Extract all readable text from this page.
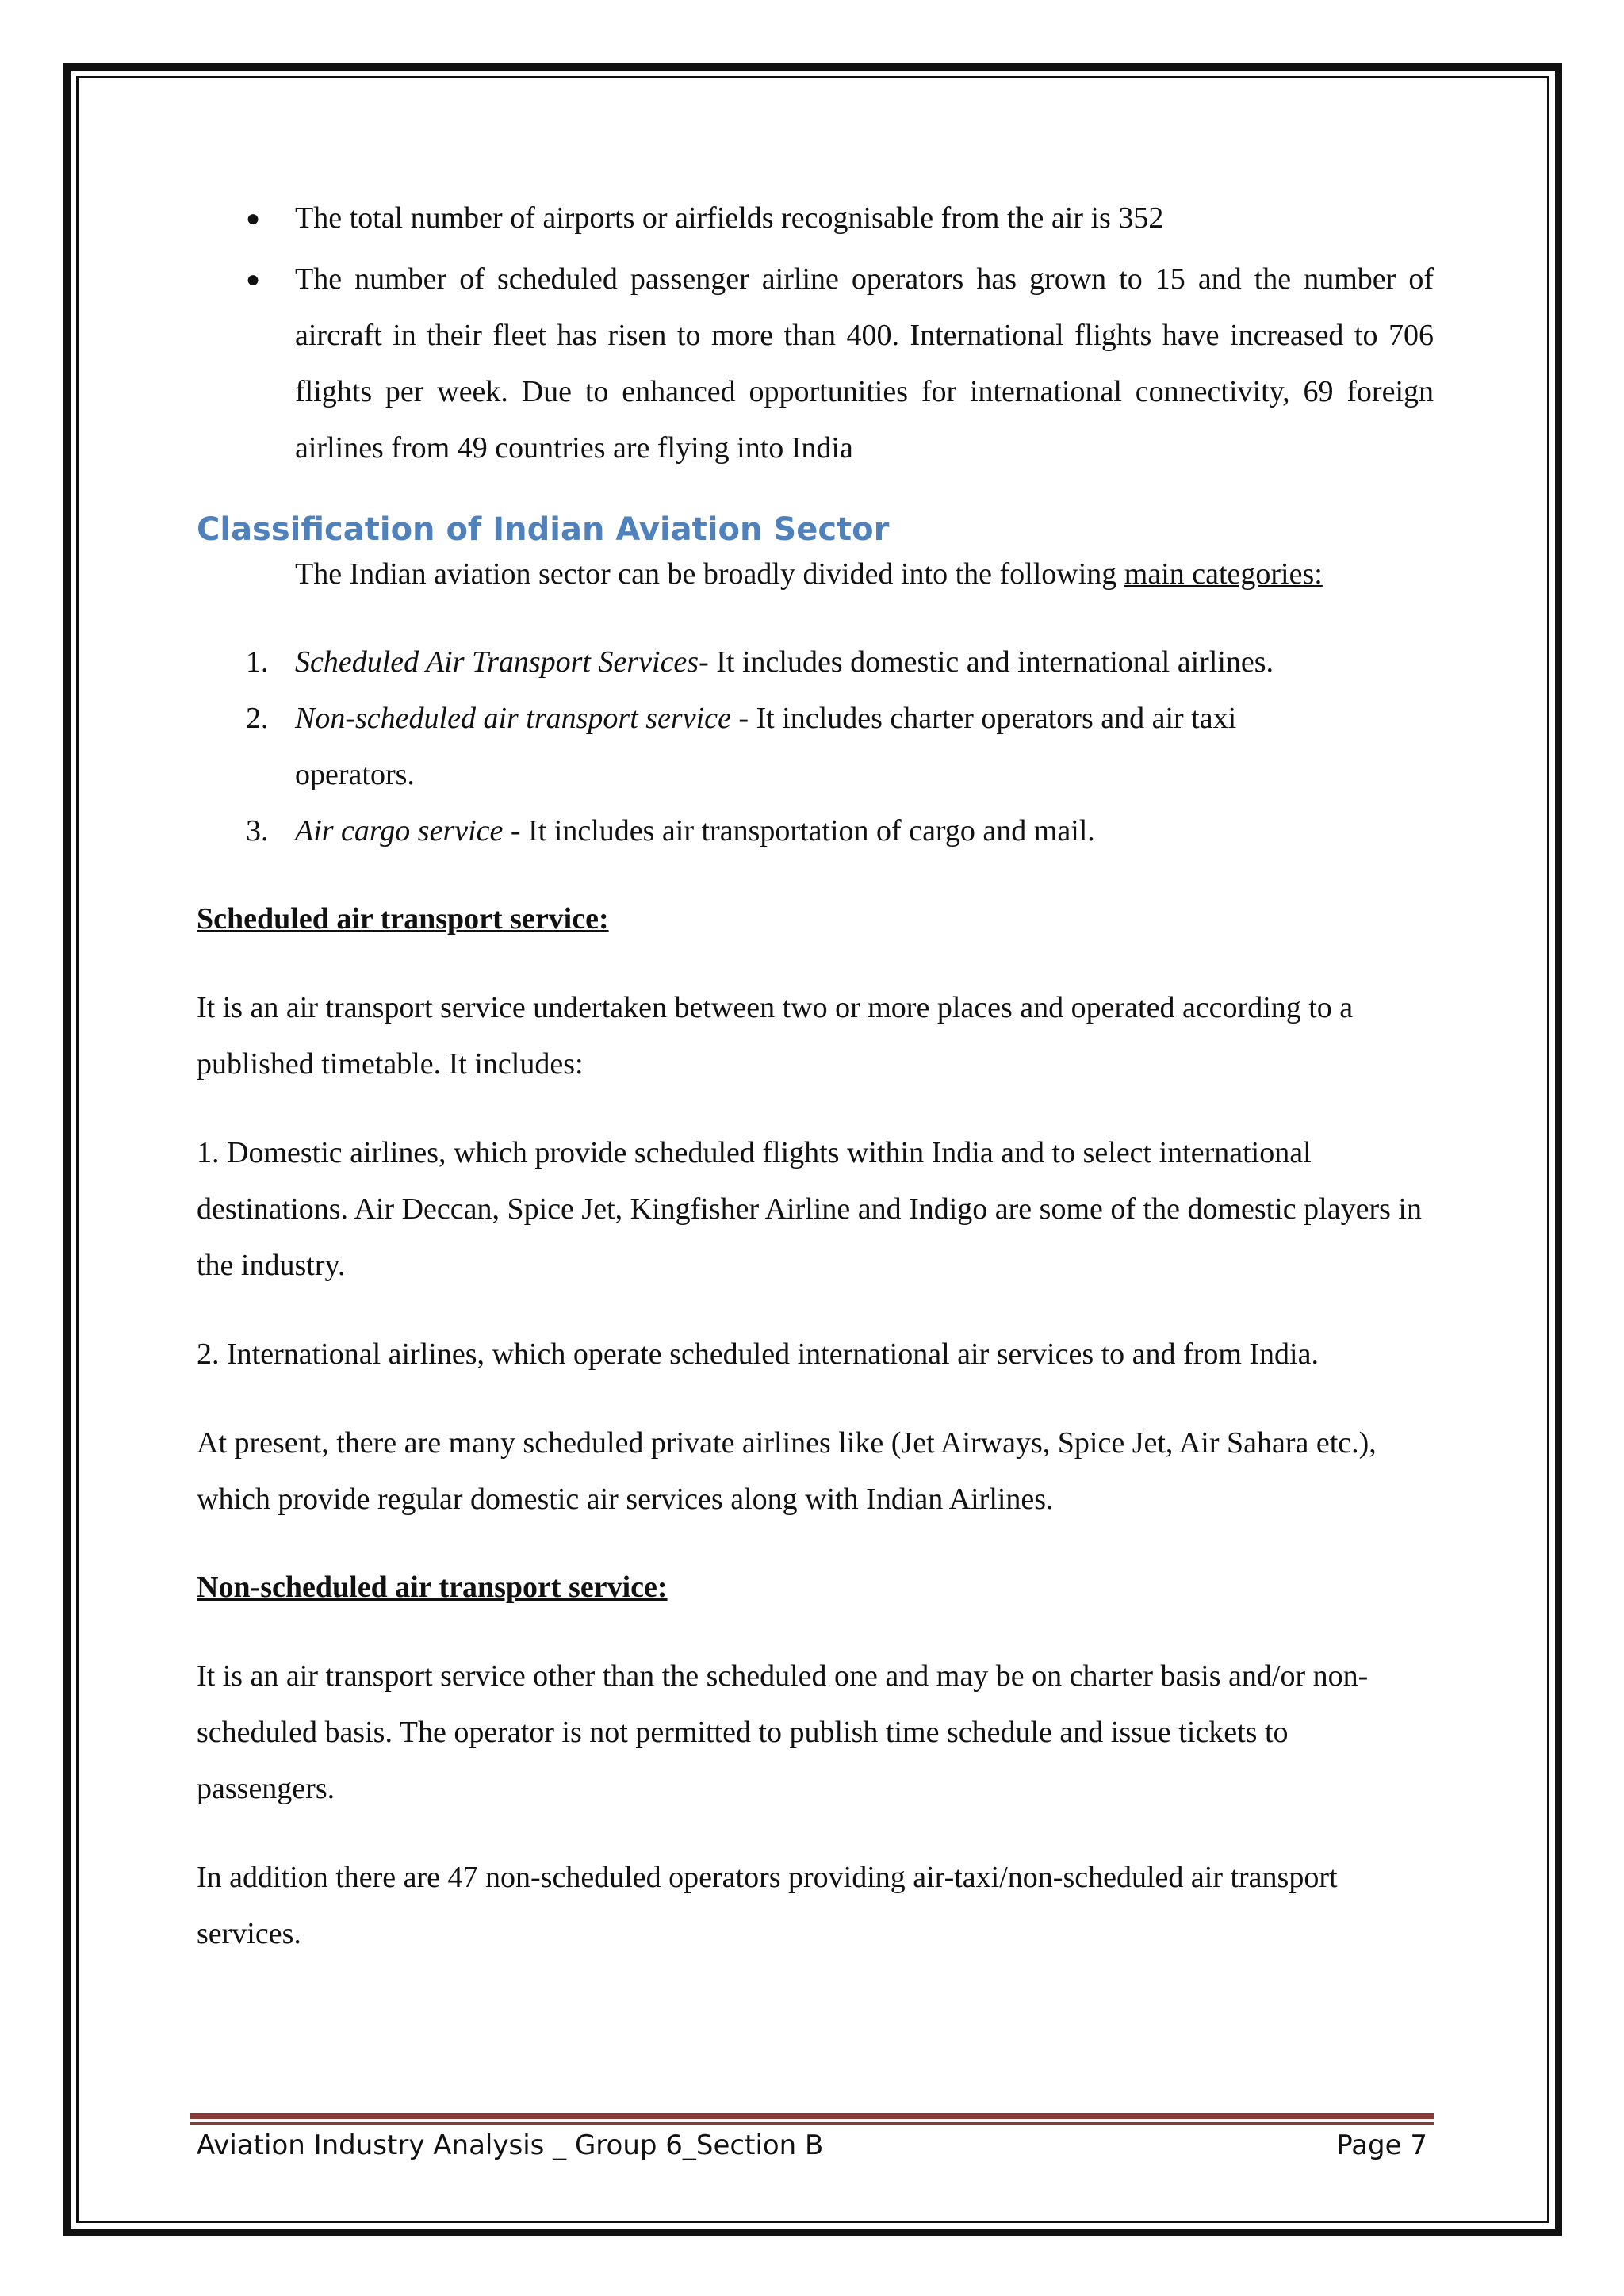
● The total number of airports or airfields recognisable from the air is 352
● The number of scheduled passenger airline operators has grown to 15 and the number of aircraft in their fleet has risen to more than 400. International flights have increased to 706 flights per week. Due to enhanced opportunities for international connectivity, 69 foreign airlines from 49 countries are flying into India
Classification of Indian Aviation Sector

The Indian aviation sector can be broadly divided into the following main categories:

1. Scheduled Air Transport Services- It includes domestic and international airlines.
2. Non-scheduled air transport service - It includes charter operators and air taxi operators.
3. Air cargo service - It includes air transportation of cargo and mail.

Scheduled air transport service:

It is an air transport service undertaken between two or more places and operated according to a published timetable. It includes:

1. Domestic airlines, which provide scheduled flights within India and to select international destinations. Air Deccan, Spice Jet, Kingfisher Airline and Indigo are some of the domestic players in the industry.

2. International airlines, which operate scheduled international air services to and from India.

At present, there are many scheduled private airlines like (Jet Airways, Spice Jet, Air Sahara etc.), which provide regular domestic air services along with Indian Airlines.

Non-scheduled air transport service:

It is an air transport service other than the scheduled one and may be on charter basis and/or non-scheduled basis. The operator is not permitted to publish time schedule and issue tickets to passengers.

In addition there are 47 non-scheduled operators providing air-taxi/non-scheduled air transport services.

Aviation Industry Analysis _ Group 6_Section B	Page 7
